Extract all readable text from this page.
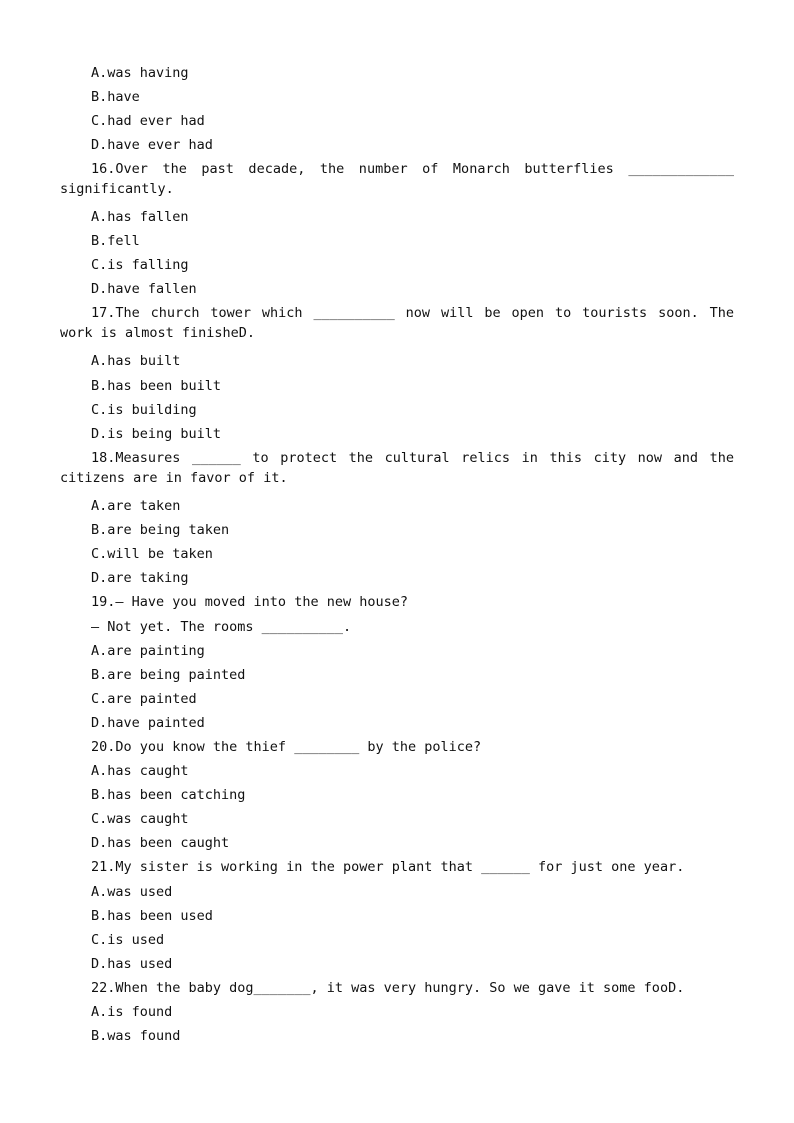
A.was having
B.have
C.had ever had
D.have ever had
16.Over the past decade, the number of Monarch butterflies _____________ significantly.
A.has fallen
B.fell
C.is falling
D.have fallen
17.The church tower which __________ now will be open to tourists soon. The work is almost finisheD.
A.has built
B.has been built
C.is building
D.is being built
18.Measures ______ to protect the cultural relics in this city now and the citizens are in favor of it.
A.are taken
B.are being taken
C.will be taken
D.are taking
19.— Have you moved into the new house?
— Not yet. The rooms __________.
A.are painting
B.are being painted
C.are painted
D.have painted
20.Do you know the thief ________ by the police?
A.has caught
B.has been catching
C.was caught
D.has been caught
21.My sister is working in the power plant that ______ for just one year.
A.was used
B.has been used
C.is used
D.has used
22.When the baby dog_______, it was very hungry. So we gave it some fooD.
A.is found
B.was found
